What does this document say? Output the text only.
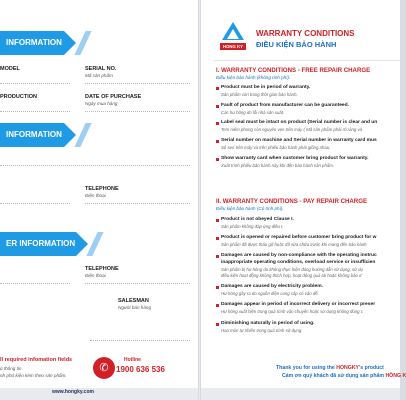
INFORMATION
MODEL	SERIAL NO.
Mã sản phẩm
PRODUCTION	DATE OF PURCHASE
Ngày mua hàng
INFORMATION
TELEPHONE
Điện thoại
ER INFORMATION
TELEPHONE
Điện thoại
SALESMAN
Người bán hàng
ll required infomation fields
ủ thông tin
nh phủ kiện kèm theo sản phẩm.
✆
Hotline
1900 636 536
www.hongky.com
HONG KY
WARRANTY CONDITIONS
ĐIỀU KIỆN BẢO HÀNH
I. WARRANTY CONDITIONS - FREE REPAIR CHARGE
Điều kiện bảo hành (không tính phí).
Product must be in period of warranty.
Sản phẩm còn trong thời gian bảo hành.
Fault of product from manufacturer can be guaranteed.
Các hư hỏng do lỗi nhà sản xuất.
Label seal must be intact on product (Serial number is clear and un
Tem niêm phong còn nguyên vẹn trên máy ( Mã sản phẩm phải rõ ràng và
Serial number on machine and Serial number in warranty card mus
Số seri trên máy và trên phiếu bảo hành phải giống nhau.
Show warranty card when customer bring product for warranty.
Xuất trình phiếu bảo hành này khi đến bảo hành sản phẩm.
II. WARRANTY CONDITIONS - PAY REPAIR CHARGE
Điều kiện bảo hành (Có tính phí).
Product is not obeyed Clause I.
Sản phẩm không đáp ứng điều I.
Product is opened or repaired before customer bring product for w
Sản phẩm đã được tháo gỡ hoặc đã sửa chữa trước khi mang đến bảo hành
Damages are caused by non-compliance with the operating instruc
inappropriate operating conditions, overload service or insufficien
Sản phẩm bị hư hỏng do không thực hiện đúng hướng dẫn sử dụng, sử dụ
điều kiện hoạt động không thích hợp, hoạt động quá tải hoặc không bảo d
Damages are caused by electricity problem.
Hư hỏng gây ra do nguồn điện cung cấp có vấn đề.
Damages appear in period of incorrect delivery or incorrect preser
Hư hỏng xuất hiện trong quá trình vận chuyển hoặc sử dụng không đúng c
Diminishing naturally in period of using.
Hao mòn tự nhiên trong quá trình sử dụng.
Thank you for using the HONGKY's product
Cám ơn quý khách đã sử dụng sản phẩm HỒNG K
